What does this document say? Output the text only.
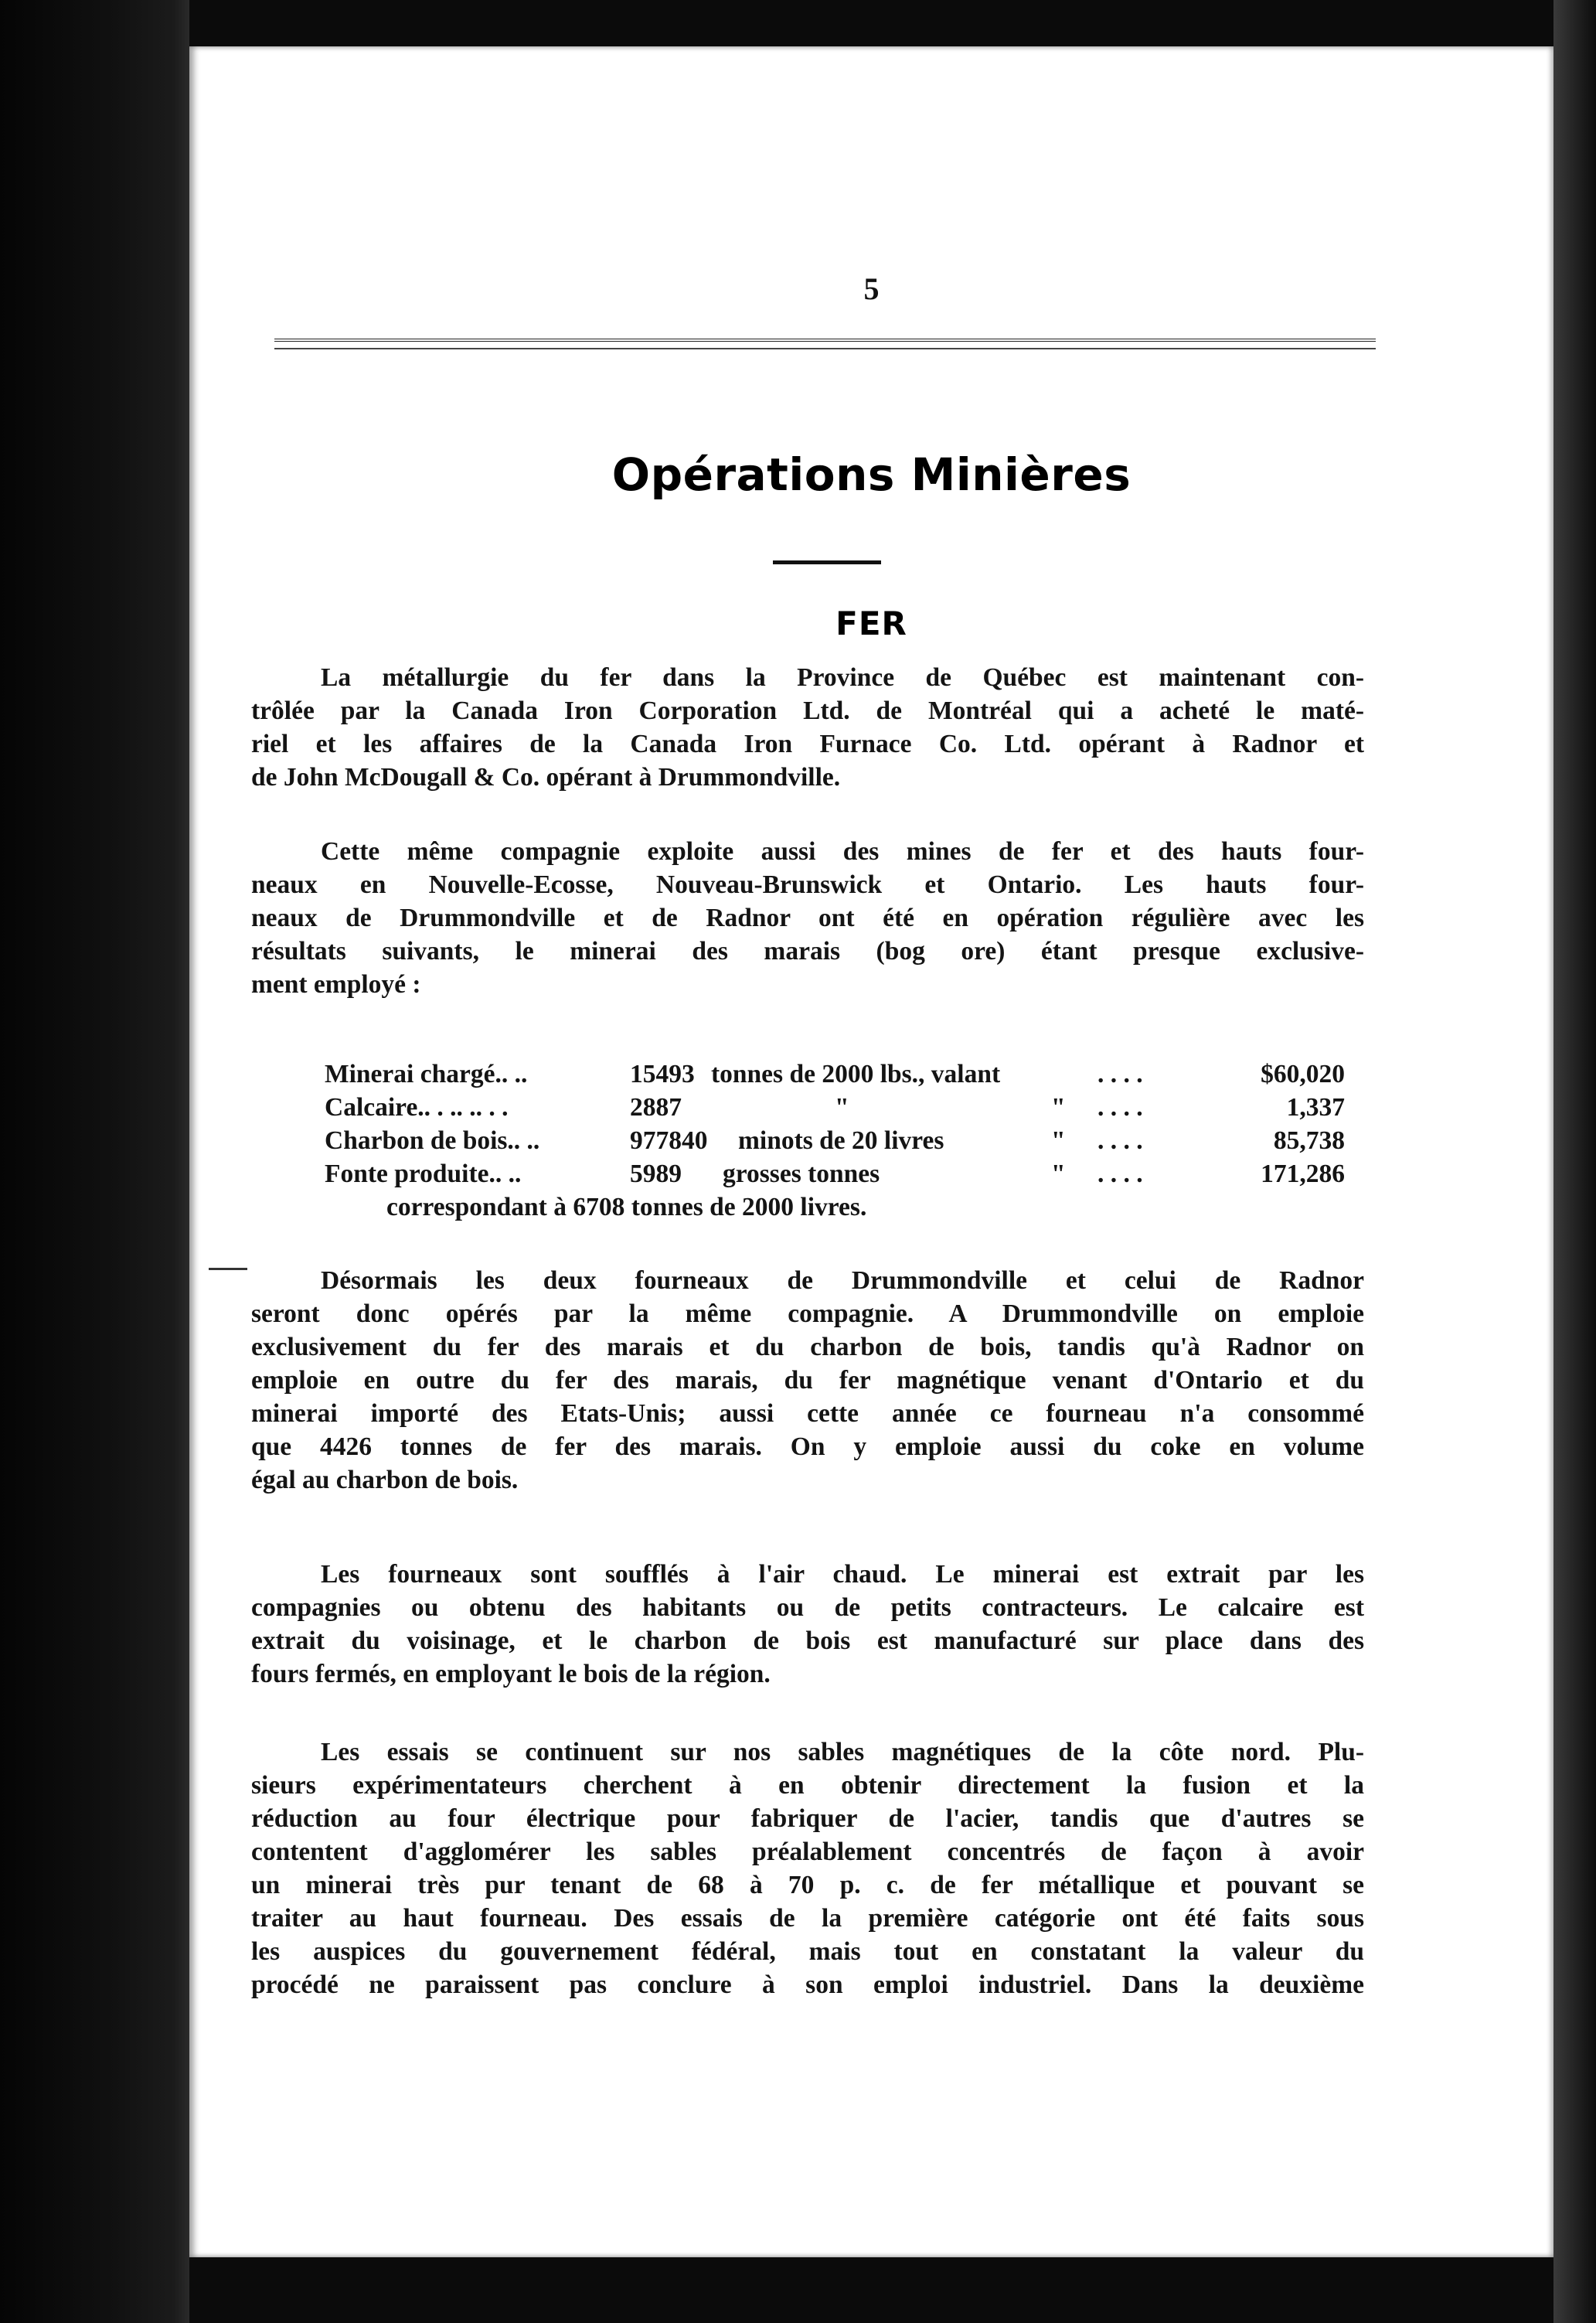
5
Opérations Minières
FER
La métallurgie du fer dans la Province de Québec est maintenant con-
trôlée par la Canada Iron Corporation Ltd. de Montréal qui a acheté le maté-
riel et les affaires de la Canada Iron Furnace Co. Ltd. opérant à Radnor et
de John McDougall & Co. opérant à Drummondville.
Cette même compagnie exploite aussi des mines de fer et des hauts four-
neaux en Nouvelle-Ecosse, Nouveau-Brunswick et Ontario. Les hauts four-
neaux de Drummondville et de Radnor ont été en opération régulière avec les
résultats suivants, le minerai des marais (bog ore) étant presque exclusive-
ment employé :
Minerai chargé.. ..	15493 tonnes de 2000 lbs., valant	. . . .	$60,020
Calcaire.. . .. .. . .	2887	"	" . . . .	1,337
Charbon de bois.. ..	977840 minots de 20 livres	" . . . .	85,738
Fonte produite.. ..	5989 grosses tonnes	" . . . .	171,286
correspondant à 6708 tonnes de 2000 livres.
Désormais les deux fourneaux de Drummondville et celui de Radnor
seront donc opérés par la même compagnie. A Drummondville on emploie
exclusivement du fer des marais et du charbon de bois, tandis qu'à Radnor on
emploie en outre du fer des marais, du fer magnétique venant d'Ontario et du
minerai importé des Etats-Unis; aussi cette année ce fourneau n'a consommé
que 4426 tonnes de fer des marais. On y emploie aussi du coke en volume
égal au charbon de bois.
Les fourneaux sont soufflés à l'air chaud. Le minerai est extrait par les
compagnies ou obtenu des habitants ou de petits contracteurs. Le calcaire est
extrait du voisinage, et le charbon de bois est manufacturé sur place dans des
fours fermés, en employant le bois de la région.
Les essais se continuent sur nos sables magnétiques de la côte nord. Plu-
sieurs expérimentateurs cherchent à en obtenir directement la fusion et la
réduction au four électrique pour fabriquer de l'acier, tandis que d'autres se
contentent d'agglomérer les sables préalablement concentrés de façon à avoir
un minerai très pur tenant de 68 à 70 p. c. de fer métallique et pouvant se
traiter au haut fourneau. Des essais de la première catégorie ont été faits sous
les auspices du gouvernement fédéral, mais tout en constatant la valeur du
procédé ne paraissent pas conclure à son emploi industriel. Dans la deuxième
